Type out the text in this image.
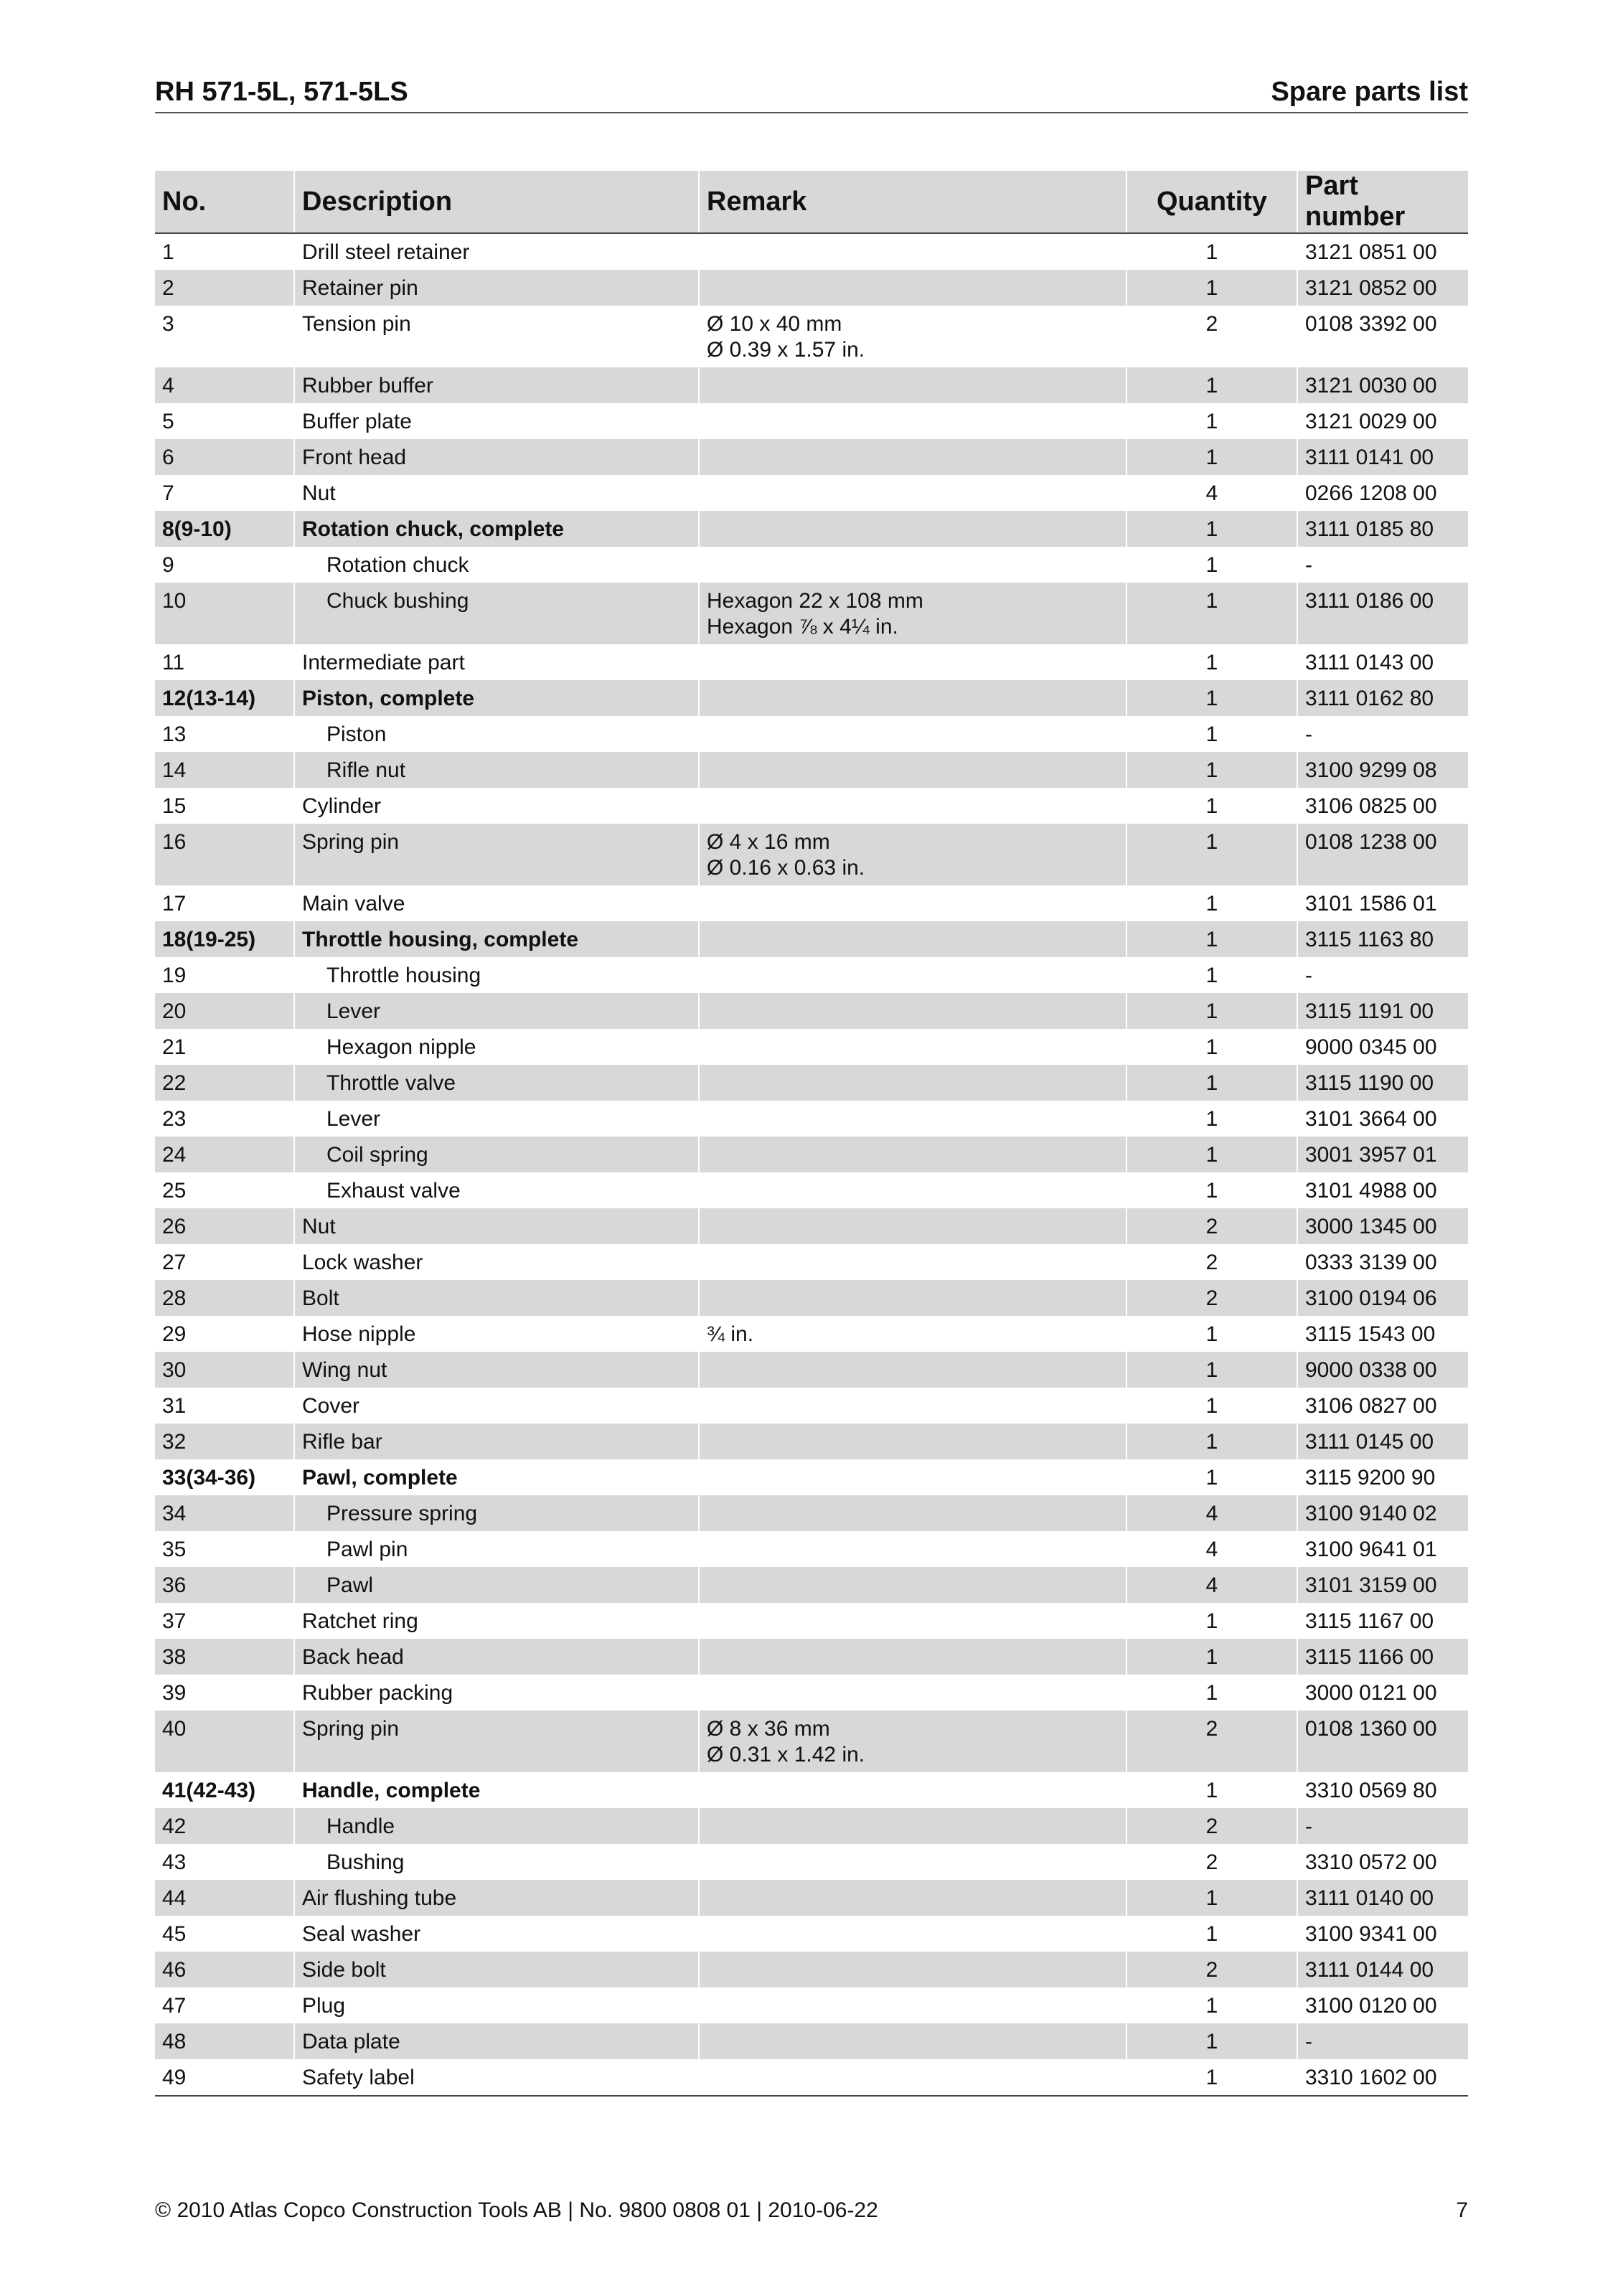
RH 571-5L, 571-5LS	Spare parts list
No.	Description	Remark	Quantity	Part number
1	Drill steel retainer		1	3121 0851 00
2	Retainer pin		1	3121 0852 00
3	Tension pin	Ø 10 x 40 mm
Ø 0.39 x 1.57 in.	2	0108 3392 00
4	Rubber buffer		1	3121 0030 00
5	Buffer plate		1	3121 0029 00
6	Front head		1	3111 0141 00
7	Nut		4	0266 1208 00
8(9-10)	Rotation chuck, complete		1	3111 0185 80
9	Rotation chuck		1	-
10	Chuck bushing	Hexagon 22 x 108 mm
Hexagon ⅞ x 4¼ in.	1	3111 0186 00
11	Intermediate part		1	3111 0143 00
12(13-14)	Piston, complete		1	3111 0162 80
13	Piston		1	-
14	Rifle nut		1	3100 9299 08
15	Cylinder		1	3106 0825 00
16	Spring pin	Ø 4 x 16 mm
Ø 0.16 x 0.63 in.	1	0108 1238 00
17	Main valve		1	3101 1586 01
18(19-25)	Throttle housing, complete		1	3115 1163 80
19	Throttle housing		1	-
20	Lever		1	3115 1191 00
21	Hexagon nipple		1	9000 0345 00
22	Throttle valve		1	3115 1190 00
23	Lever		1	3101 3664 00
24	Coil spring		1	3001 3957 01
25	Exhaust valve		1	3101 4988 00
26	Nut		2	3000 1345 00
27	Lock washer		2	0333 3139 00
28	Bolt		2	3100 0194 06
29	Hose nipple	¾ in.	1	3115 1543 00
30	Wing nut		1	9000 0338 00
31	Cover		1	3106 0827 00
32	Rifle bar		1	3111 0145 00
33(34-36)	Pawl, complete		1	3115 9200 90
34	Pressure spring		4	3100 9140 02
35	Pawl pin		4	3100 9641 01
36	Pawl		4	3101 3159 00
37	Ratchet ring		1	3115 1167 00
38	Back head		1	3115 1166 00
39	Rubber packing		1	3000 0121 00
40	Spring pin	Ø 8 x 36 mm
Ø 0.31 x 1.42 in.	2	0108 1360 00
41(42-43)	Handle, complete		1	3310 0569 80
42	Handle		2	-
43	Bushing		2	3310 0572 00
44	Air flushing tube		1	3111 0140 00
45	Seal washer		1	3100 9341 00
46	Side bolt		2	3111 0144 00
47	Plug		1	3100 0120 00
48	Data plate		1	-
49	Safety label		1	3310 1602 00
© 2010 Atlas Copco Construction Tools AB | No. 9800 0808 01 | 2010-06-22	7
